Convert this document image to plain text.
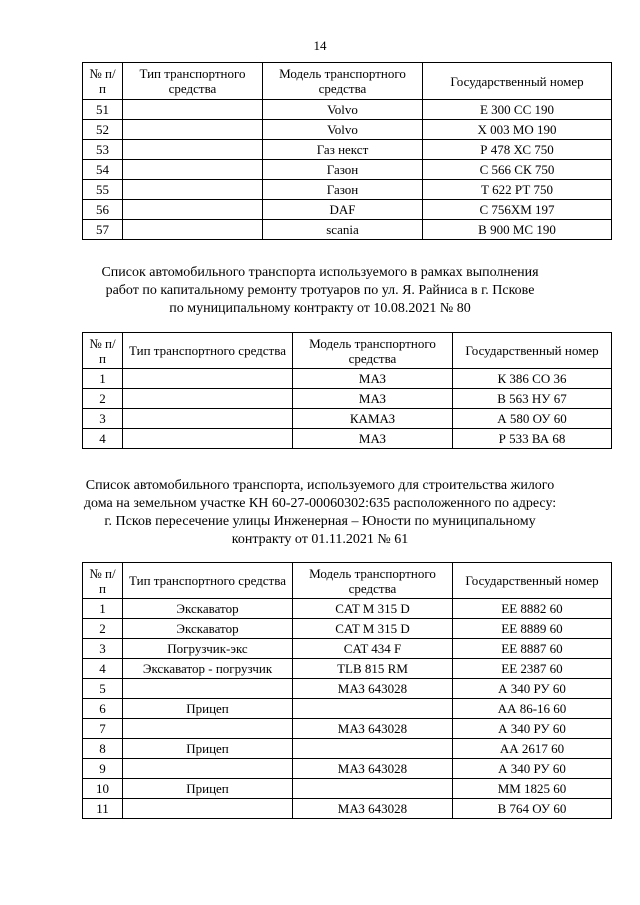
14
№ п/п	Тип транспортного средства	Модель транспортного средства	Государственный номер
51		Volvo	Е 300 СС 190
52		Volvo	Х 003 МО 190
53		Газ некст	Р 478 ХС 750
54		Газон	С 566 СК 750
55		Газон	Т 622 РТ 750
56		DAF	С 756ХМ 197
57		scania	В 900 МС 190
Список автомобильного транспорта используемого в рамках выполнения
работ по капитальному ремонту тротуаров по ул. Я. Райниса в г. Пскове
по муниципальному контракту от 10.08.2021 № 80
№ п/п	Тип транспортного средства	Модель транспортного средства	Государственный номер
1		МАЗ	К 386 СО 36
2		МАЗ	В 563 НУ 67
3		КАМАЗ	А 580 ОУ 60
4		МАЗ	Р 533 ВА 68
Список автомобильного транспорта, используемого для строительства жилого
дома на земельном участке КН 60-27-00060302:635 расположенного по адресу:
г. Псков пересечение улицы Инженерная – Юности по муниципальному
контракту от 01.11.2021 № 61
№ п/п	Тип транспортного средства	Модель транспортного средства	Государственный номер
1	Экскаватор	CAT M 315 D	ЕЕ 8882 60
2	Экскаватор	CAT M 315 D	ЕЕ 8889 60
3	Погрузчик-экс	CAT 434 F	ЕЕ 8887 60
4	Экскаватор - погрузчик	TLB 815 RM	ЕЕ 2387 60
5		МАЗ 643028	А 340 РУ 60
6	Прицеп		АА 86-16 60
7		МАЗ 643028	А 340 РУ 60
8	Прицеп		АА 2617 60
9		МАЗ 643028	А 340 РУ 60
10	Прицеп		ММ 1825 60
11		МАЗ 643028	В 764 ОУ 60
